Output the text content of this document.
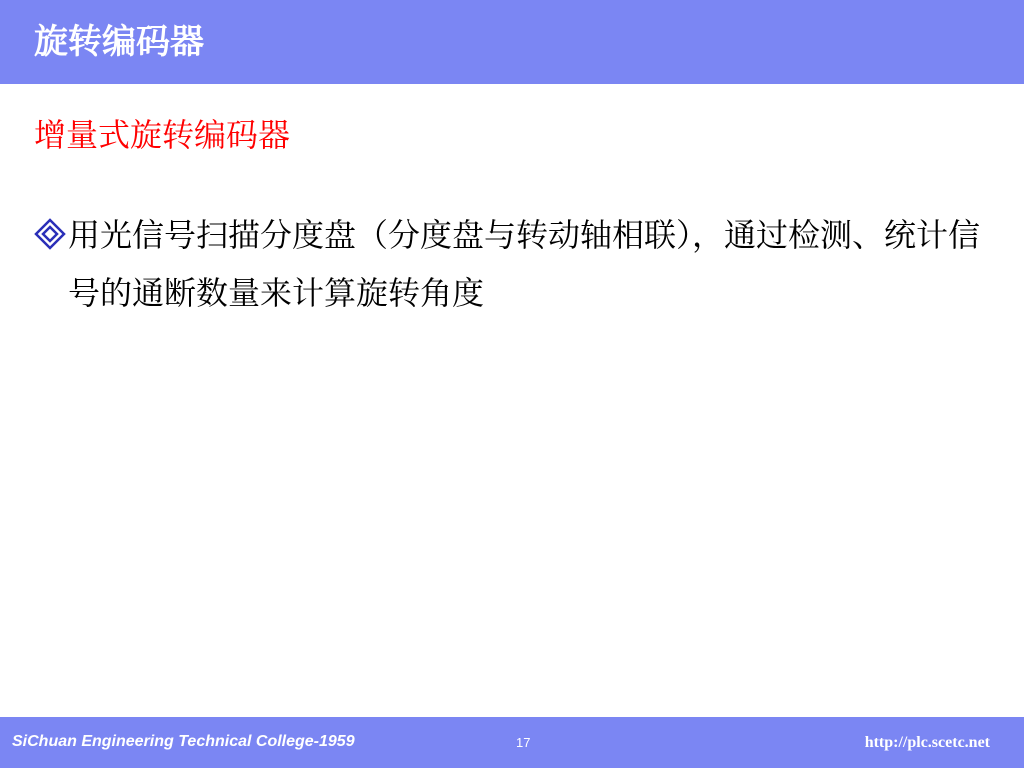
旋转编码器
增量式旋转编码器

用光信号扫描分度盘（分度盘与转动轴相联），通过检测、统计信号的通断数量来计算旋转角度

SiChuan Engineering Technical College-1959	17	http://plc.scetc.net
